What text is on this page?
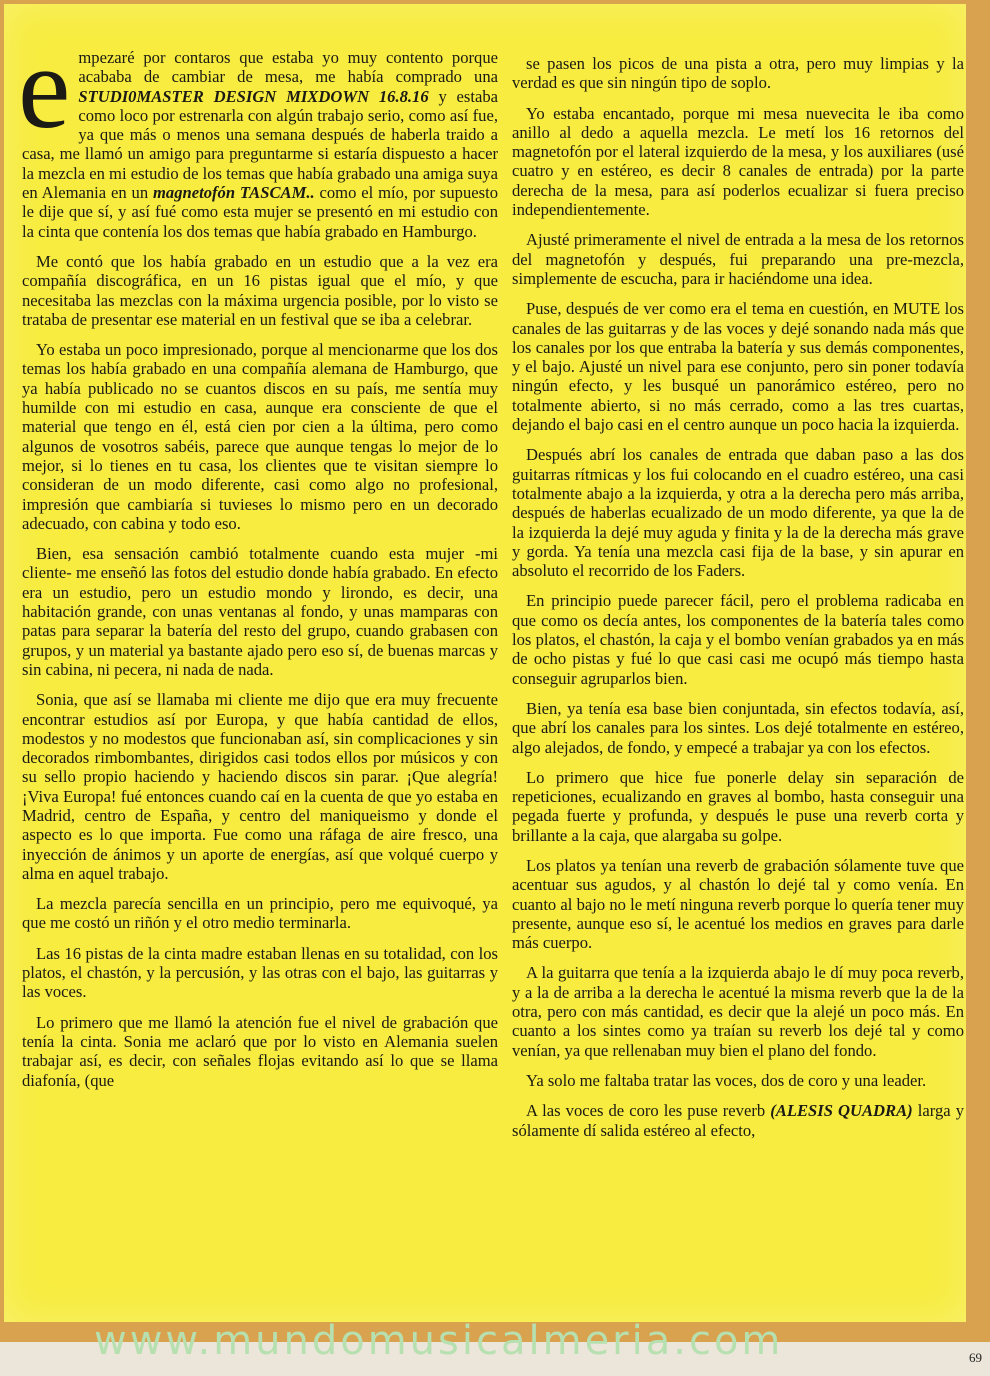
e mpezaré por contaros que estaba yo muy contento porque acababa de cambiar de mesa, me había comprado una STUDI0MASTER DESIGN MIXDOWN 16.8.16 y estaba como loco por estrenarla con algún trabajo serio, como así fue, ya que más o menos una semana después de haberla traido a casa, me llamó un amigo para preguntarme si estaría dispuesto a hacer la mezcla en mi estudio de los temas que había grabado una amiga suya en Alemania en un magnetofón TASCAM.. como el mío, por supuesto le dije que sí, y así fué como esta mujer se presentó en mi estudio con la cinta que contenía los dos temas que había grabado en Hamburgo.

Me contó que los había grabado en un estudio que a la vez era compañía discográfica, en un 16 pistas igual que el mío, y que necesitaba las mezclas con la máxima urgencia posible, por lo visto se trataba de presentar ese material en un festival que se iba a celebrar.

Yo estaba un poco impresionado, porque al mencionarme que los dos temas los había grabado en una compañía alemana de Hamburgo, que ya había publicado no se cuantos discos en su país, me sentía muy humilde con mi estudio en casa, aunque era consciente de que el material que tengo en él, está cien por cien a la última, pero como algunos de vosotros sabéis, parece que aunque tengas lo mejor de lo mejor, si lo tienes en tu casa, los clientes que te visitan siempre lo consideran de un modo diferente, casi como algo no profesional, impresión que cambiaría si tuvieses lo mismo pero en un decorado adecuado, con cabina y todo eso.

Bien, esa sensación cambió totalmente cuando esta mujer -mi cliente- me enseñó las fotos del estudio donde había grabado. En efecto era un estudio, pero un estudio mondo y lirondo, es decir, una habitación grande, con unas ventanas al fondo, y unas mamparas con patas para separar la batería del resto del grupo, cuando grabasen con grupos, y un material ya bastante ajado pero eso sí, de buenas marcas y sin cabina, ni pecera, ni nada de nada.

Sonia, que así se llamaba mi cliente me dijo que era muy frecuente encontrar estudios así por Europa, y que había cantidad de ellos, modestos y no modestos que funcionaban así, sin complicaciones y sin decorados rimbombantes, dirigidos casi todos ellos por músicos y con su sello propio haciendo y haciendo discos sin parar. ¡Que alegría! ¡Viva Europa! fué entonces cuando caí en la cuenta de que yo estaba en Madrid, centro de España, y centro del maniqueismo y donde el aspecto es lo que importa. Fue como una ráfaga de aire fresco, una inyección de ánimos y un aporte de energías, así que volqué cuerpo y alma en aquel trabajo.

La mezcla parecía sencilla en un principio, pero me equivoqué, ya que me costó un riñón y el otro medio terminarla.

Las 16 pistas de la cinta madre estaban llenas en su totalidad, con los platos, el chastón, y la percusión, y las otras con el bajo, las guitarras y las voces.

Lo primero que me llamó la atención fue el nivel de grabación que tenía la cinta. Sonia me aclaró que por lo visto en Alemania suelen trabajar así, es decir, con señales flojas evitando así lo que se llama diafonía, (que

se pasen los picos de una pista a otra, pero muy limpias y la verdad es que sin ningún tipo de soplo.

Yo estaba encantado, porque mi mesa nuevecita le iba como anillo al dedo a aquella mezcla. Le metí los 16 retornos del magnetofón por el lateral izquierdo de la mesa, y los auxiliares (usé cuatro y en estéreo, es decir 8 canales de entrada) por la parte derecha de la mesa, para así poderlos ecualizar si fuera preciso independientemente.

Ajusté primeramente el nivel de entrada a la mesa de los retornos del magnetofón y después, fui preparando una pre-mezcla, simplemente de escucha, para ir haciéndome una idea.

Puse, después de ver como era el tema en cuestión, en MUTE los canales de las guitarras y de las voces y dejé sonando nada más que los canales por los que entraba la batería y sus demás componentes, y el bajo. Ajusté un nivel para ese conjunto, pero sin poner todavía ningún efecto, y les busqué un panorámico estéreo, pero no totalmente abierto, si no más cerrado, como a las tres cuartas, dejando el bajo casi en el centro aunque un poco hacia la izquierda.

Después abrí los canales de entrada que daban paso a las dos guitarras rítmicas y los fui colocando en el cuadro estéreo, una casi totalmente abajo a la izquierda, y otra a la derecha pero más arriba, después de haberlas ecualizado de un modo diferente, ya que la de la izquierda la dejé muy aguda y finita y la de la derecha más grave y gorda. Ya tenía una mezcla casi fija de la base, y sin apurar en absoluto el recorrido de los Faders.

En principio puede parecer fácil, pero el problema radicaba en que como os decía antes, los componentes de la batería tales como los platos, el chastón, la caja y el bombo venían grabados ya en más de ocho pistas y fué lo que casi casi me ocupó más tiempo hasta conseguir agruparlos bien.

Bien, ya tenía esa base bien conjuntada, sin efectos todavía, así, que abrí los canales para los sintes. Los dejé totalmente en estéreo, algo alejados, de fondo, y empecé a trabajar ya con los efectos.

Lo primero que hice fue ponerle delay sin separación de repeticiones, ecualizando en graves al bombo, hasta conseguir una pegada fuerte y profunda, y después le puse una reverb corta y brillante a la caja, que alargaba su golpe.

Los platos ya tenían una reverb de grabación sólamente tuve que acentuar sus agudos, y al chastón lo dejé tal y como venía. En cuanto al bajo no le metí ninguna reverb porque lo quería tener muy presente, aunque eso sí, le acentué los medios en graves para darle más cuerpo.

A la guitarra que tenía a la izquierda abajo le dí muy poca reverb, y a la de arriba a la derecha le acentué la misma reverb que la de la otra, pero con más cantidad, es decir que la alejé un poco más. En cuanto a los sintes como ya traían su reverb los dejé tal y como venían, ya que rellenaban muy bien el plano del fondo.

Ya solo me faltaba tratar las voces, dos de coro y una leader.

A las voces de coro les puse reverb (ALESIS QUADRA) larga y sólamente dí salida estéreo al efecto,

www.mundomusicalmeria.com	69
